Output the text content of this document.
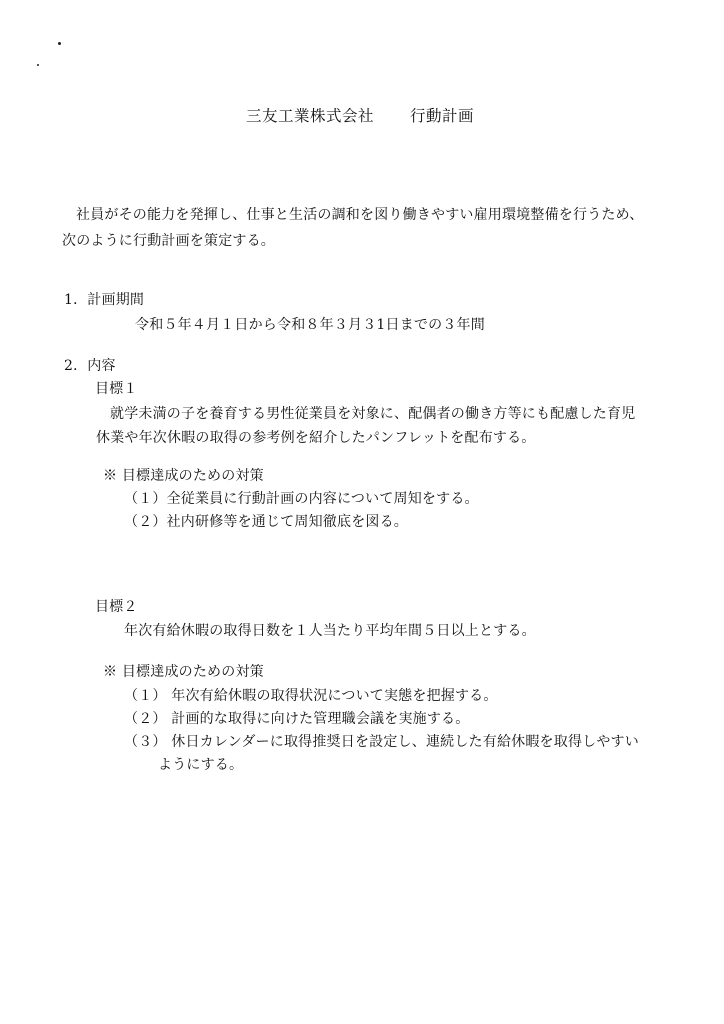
三友工業株式会社 行動計画
社員がその能力を発揮し、仕事と生活の調和を図り働きやすい雇用環境整備を行うため、
次のように行動計画を策定する。
1．計画期間
令和５年４月１日から令和８年３月３1日までの３年間
2．内容
目標１
就学未満の子を養育する男性従業員を対象に、配偶者の働き方等にも配慮した育児
休業や年次休暇の取得の参考例を紹介したパンフレットを配布する。
※ 目標達成のための対策
（１）全従業員に行動計画の内容について周知をする。
（２）社内研修等を通じて周知徹底を図る。
目標２
年次有給休暇の取得日数を１人当たり平均年間５日以上とする。
※ 目標達成のための対策
（１） 年次有給休暇の取得状況について実態を把握する。
（２） 計画的な取得に向けた管理職会議を実施する。
（３） 休日カレンダーに取得推奨日を設定し、連続した有給休暇を取得しやすい
ようにする。
